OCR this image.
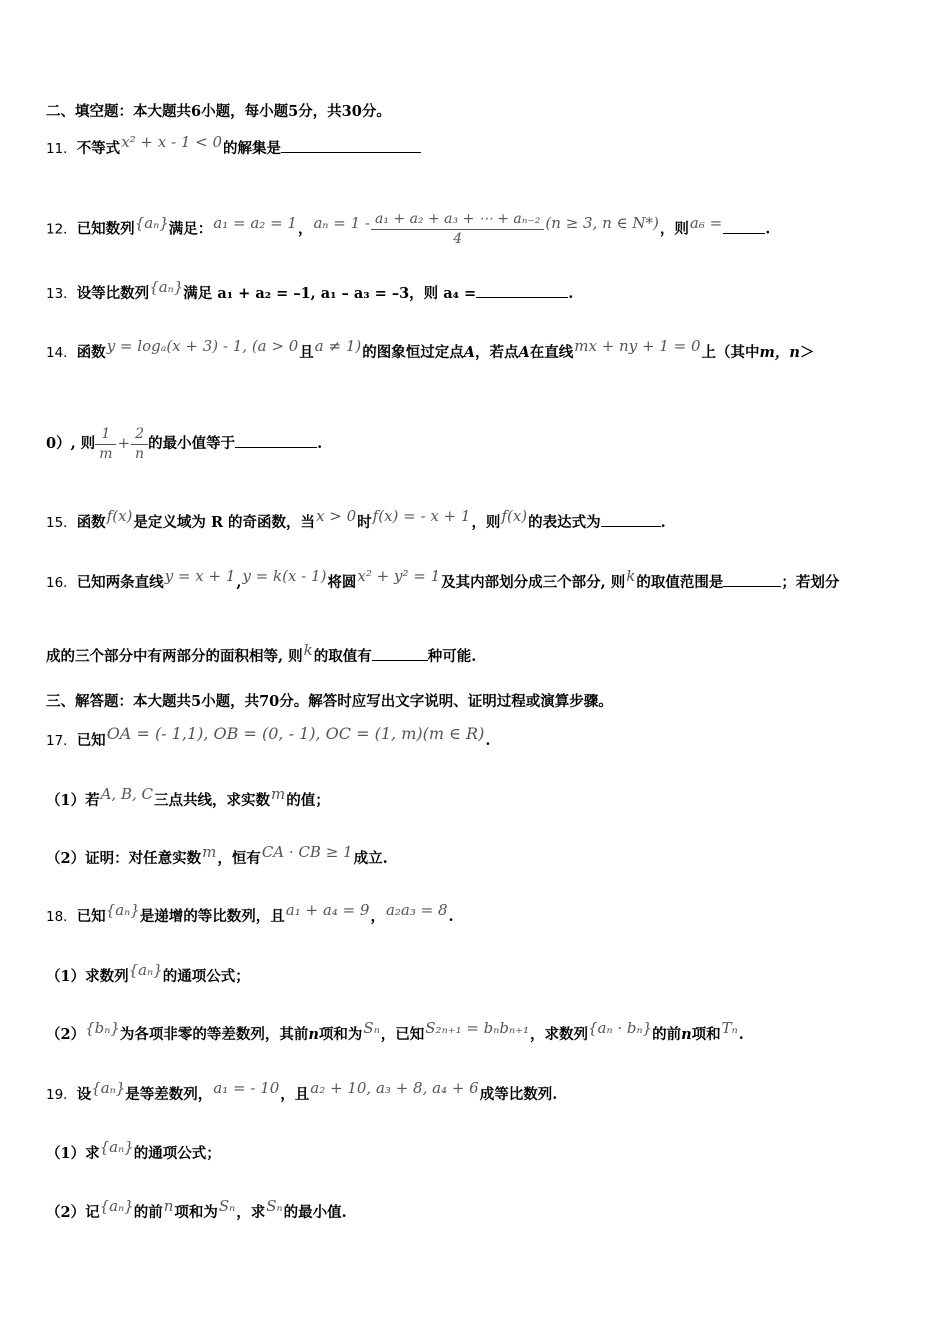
二、填空题：本大题共6小题，每小题5分，共30分。
11．不等式x² + x - 1 < 0的解集是
12．已知数列{aₙ}满足：a₁ = a₂ = 1，$a_n = 1 - \frac{\text{a₁ + a₂ + a₃ + ⋯ + aₙ₋₂}}{4} (n \ge 3$, n ∈ N*)，则a₆ =	.
13．设等比数列{aₙ}满足 a₁ + a₂ = –1, a₁ – a₃ = –3，则 a₄ =	.
14．函数y = logₐ(x + 3) - 1, (a > 0且a ≠ 1)的图象恒过定点A，若点A在直线mx + ny + 1 = 0上（其中m，n＞
0）, 则 $\frac{1}{m} + \frac{2}{n}$ 的最小值等于	.
15．函数f(x)是定义域为 R 的奇函数，当x > 0时f(x) = - x + 1，则f(x)的表达式为	.
16．已知两条直线y = x + 1,y = k(x - 1)将圆x² + y² = 1及其内部划分成三个部分, 则k的取值范围是	；若划分
成的三个部分中有两部分的面积相等, 则k的取值有	种可能.
三、解答题：本大题共5小题，共70分。解答时应写出文字说明、证明过程或演算步骤。
17．已知OA = (- 1,1), OB = (0, - 1), OC = (1, m)(m ∈ R).
（1）若A, B, C三点共线，求实数m的值；
（2）证明：对任意实数m，恒有CA · CB ≥ 1成立.
18．已知{aₙ}是递增的等比数列，且a₁ + a₄ = 9，a₂a₃ = 8.
（1）求数列{aₙ}的通项公式；
（2）{bₙ}为各项非零的等差数列，其前n项和为Sₙ，已知S₂ₙ₊₁ = bₙbₙ₊₁，求数列{aₙ · bₙ}的前n项和Tₙ.
19．设{aₙ}是等差数列，a₁ = - 10，且a₂ + 10, a₃ + 8, a₄ + 6成等比数列.
（1）求{aₙ}的通项公式；
（2）记{aₙ}的前n项和为Sₙ，求Sₙ的最小值.
